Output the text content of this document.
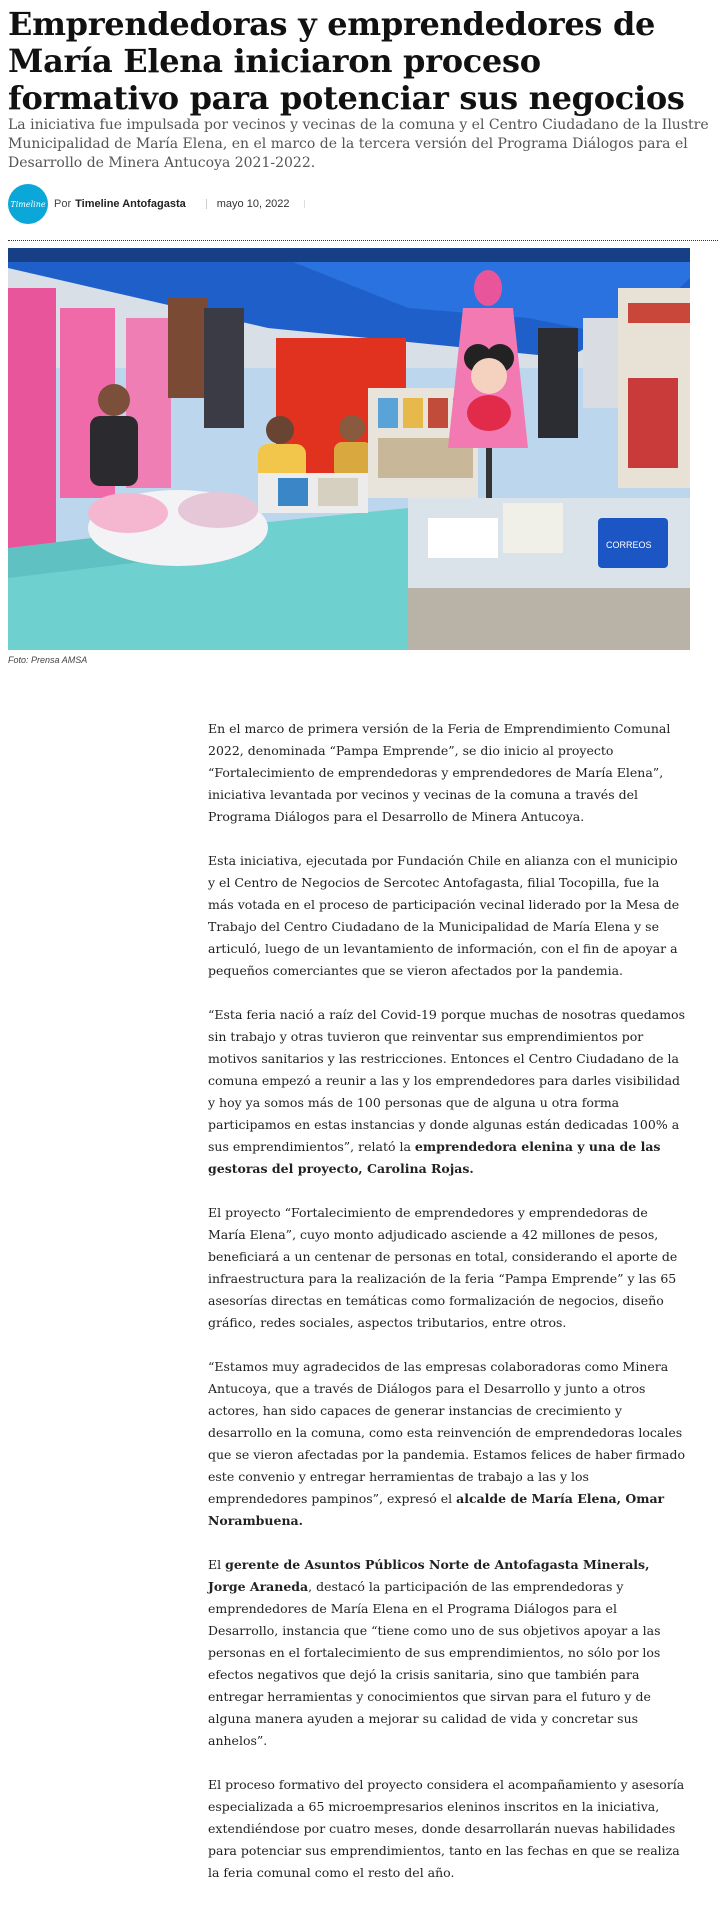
Emprendedoras y emprendedores de María Elena iniciaron proceso formativo para potenciar sus negocios
La iniciativa fue impulsada por vecinos y vecinas de la comuna y el Centro Ciudadano de la Ilustre Municipalidad de María Elena, en el marco de la tercera versión del Programa Diálogos para el Desarrollo de Minera Antucoya 2021-2022.
Timeline Por Timeline Antofagasta	mayo 10, 2022
CORREOS
Foto: Prensa AMSA

En el marco de primera versión de la Feria de Emprendimiento Comunal 2022, denominada “Pampa Emprende”, se dio inicio al proyecto “Fortalecimiento de emprendedoras y emprendedores de María Elena”, iniciativa levantada por vecinos y vecinas de la comuna a través del Programa Diálogos para el Desarrollo de Minera Antucoya.

Esta iniciativa, ejecutada por Fundación Chile en alianza con el municipio y el Centro de Negocios de Sercotec Antofagasta, filial Tocopilla, fue la más votada en el proceso de participación vecinal liderado por la Mesa de Trabajo del Centro Ciudadano de la Municipalidad de María Elena y se articuló, luego de un levantamiento de información, con el fin de apoyar a pequeños comerciantes que se vieron afectados por la pandemia.

“Esta feria nació a raíz del Covid-19 porque muchas de nosotras quedamos sin trabajo y otras tuvieron que reinventar sus emprendimientos por motivos sanitarios y las restricciones. Entonces el Centro Ciudadano de la comuna empezó a reunir a las y los emprendedores para darles visibilidad y hoy ya somos más de 100 personas que de alguna u otra forma participamos en estas instancias y donde algunas están dedicadas 100% a sus emprendimientos”, relató la emprendedora elenina y una de las gestoras del proyecto, Carolina Rojas.

El proyecto “Fortalecimiento de emprendedores y emprendedoras de María Elena”, cuyo monto adjudicado asciende a 42 millones de pesos, beneficiará a un centenar de personas en total, considerando el aporte de infraestructura para la realización de la feria “Pampa Emprende” y las 65 asesorías directas en temáticas como formalización de negocios, diseño gráfico, redes sociales, aspectos tributarios, entre otros.

“Estamos muy agradecidos de las empresas colaboradoras como Minera Antucoya, que a través de Diálogos para el Desarrollo y junto a otros actores, han sido capaces de generar instancias de crecimiento y desarrollo en la comuna, como esta reinvención de emprendedoras locales que se vieron afectadas por la pandemia. Estamos felices de haber firmado este convenio y entregar herramientas de trabajo a las y los emprendedores pampinos”, expresó el alcalde de María Elena, Omar Norambuena.

El gerente de Asuntos Públicos Norte de Antofagasta Minerals, Jorge Araneda, destacó la participación de las emprendedoras y emprendedores de María Elena en el Programa Diálogos para el Desarrollo, instancia que “tiene como uno de sus objetivos apoyar a las personas en el fortalecimiento de sus emprendimientos, no sólo por los efectos negativos que dejó la crisis sanitaria, sino que también para entregar herramientas y conocimientos que sirvan para el futuro y de alguna manera ayuden a mejorar su calidad de vida y concretar sus anhelos”.

El proceso formativo del proyecto considera el acompañamiento y asesoría especializada a 65 microempresarios eleninos inscritos en la iniciativa, extendiéndose por cuatro meses, donde desarrollarán nuevas habilidades para potenciar sus emprendimientos, tanto en las fechas en que se realiza la feria comunal como el resto del año.
